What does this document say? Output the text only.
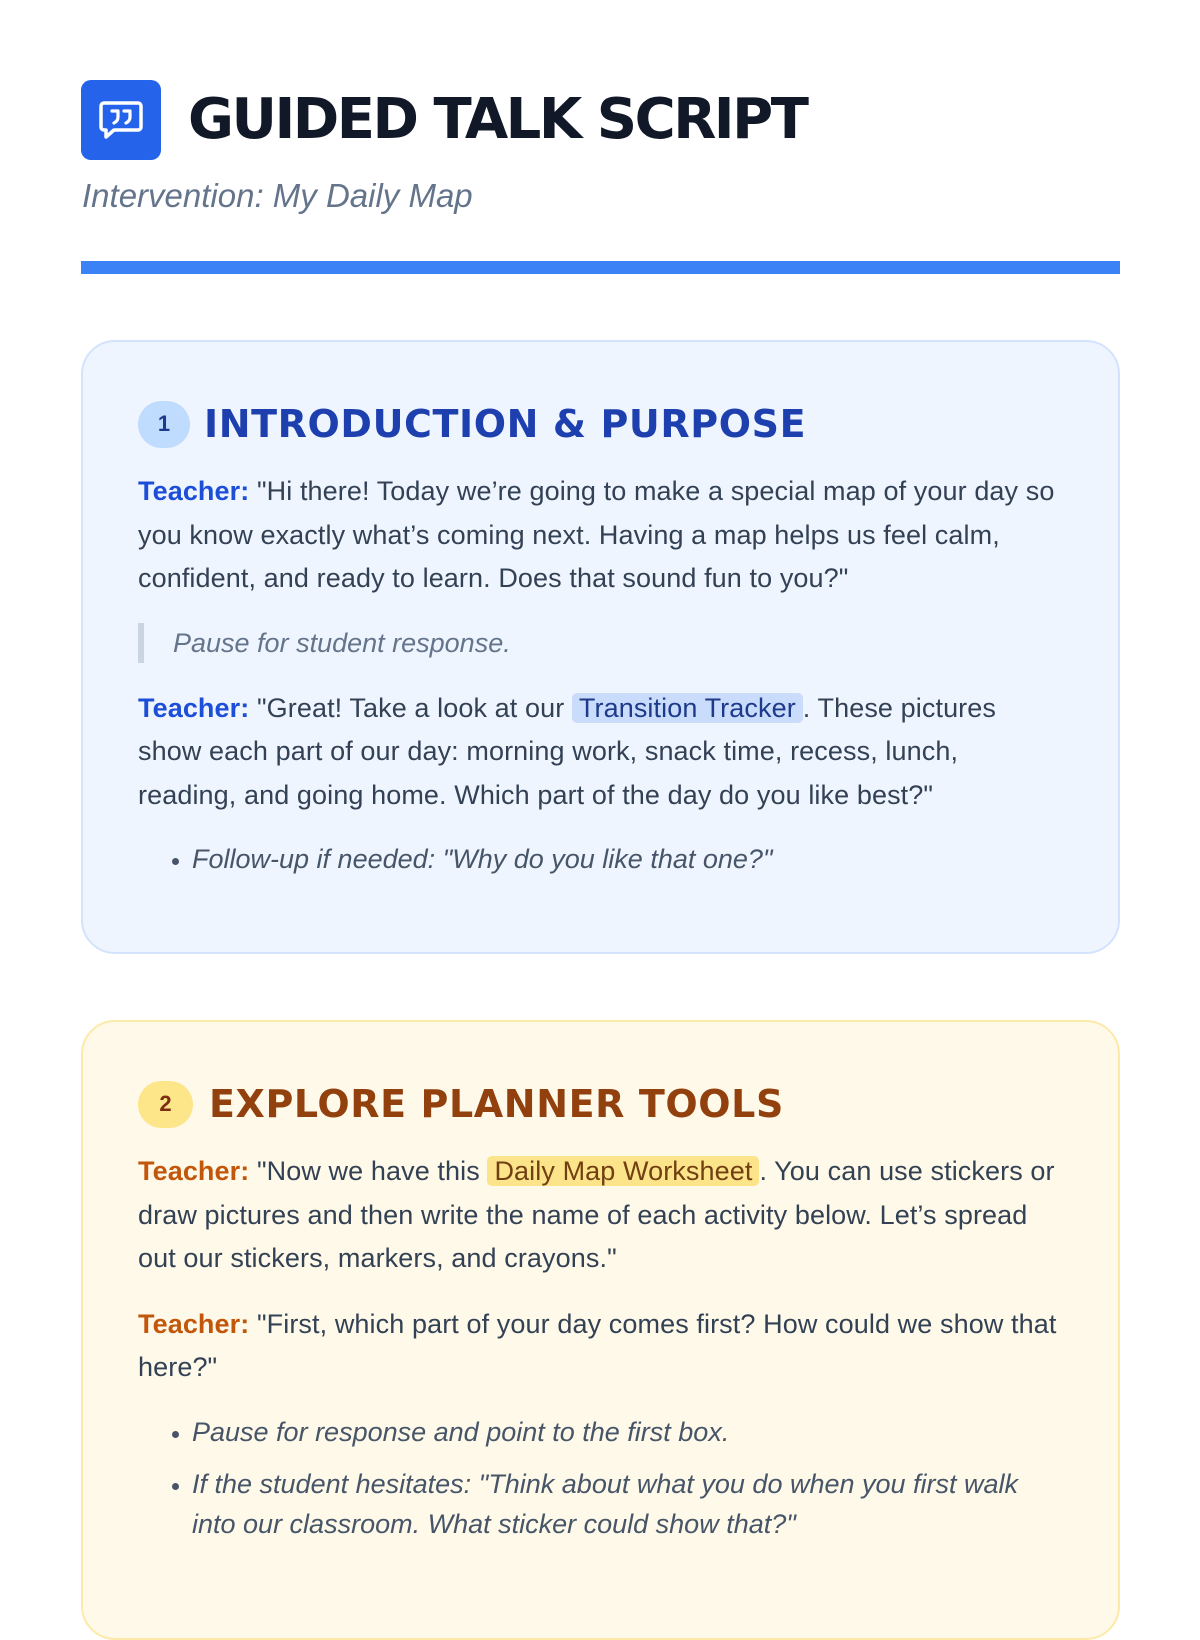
GUIDED TALK SCRIPT

Intervention: My Daily Map

1 INTRODUCTION & PURPOSE

Teacher: "Hi there! Today we’re going to make a special map of your day so you know exactly what’s coming next. Having a map helps us feel calm, confident, and ready to learn. Does that sound fun to you?"

Pause for student response.

Teacher: "Great! Take a look at our Transition Tracker . These pictures show each part of our day: morning work, snack time, recess, lunch, reading, and going home. Which part of the day do you like best?"

• Follow-up if needed: "Why do you like that one?"
2 EXPLORE PLANNER TOOLS

Teacher: "Now we have this Daily Map Worksheet . You can use stickers or draw pictures and then write the name of each activity below. Let’s spread out our stickers, markers, and crayons."

Teacher: "First, which part of your day comes first? How could we show that here?"

• Pause for response and point to the first box.
• If the student hesitates: "Think about what you do when you first walk into our classroom. What sticker could show that?"
